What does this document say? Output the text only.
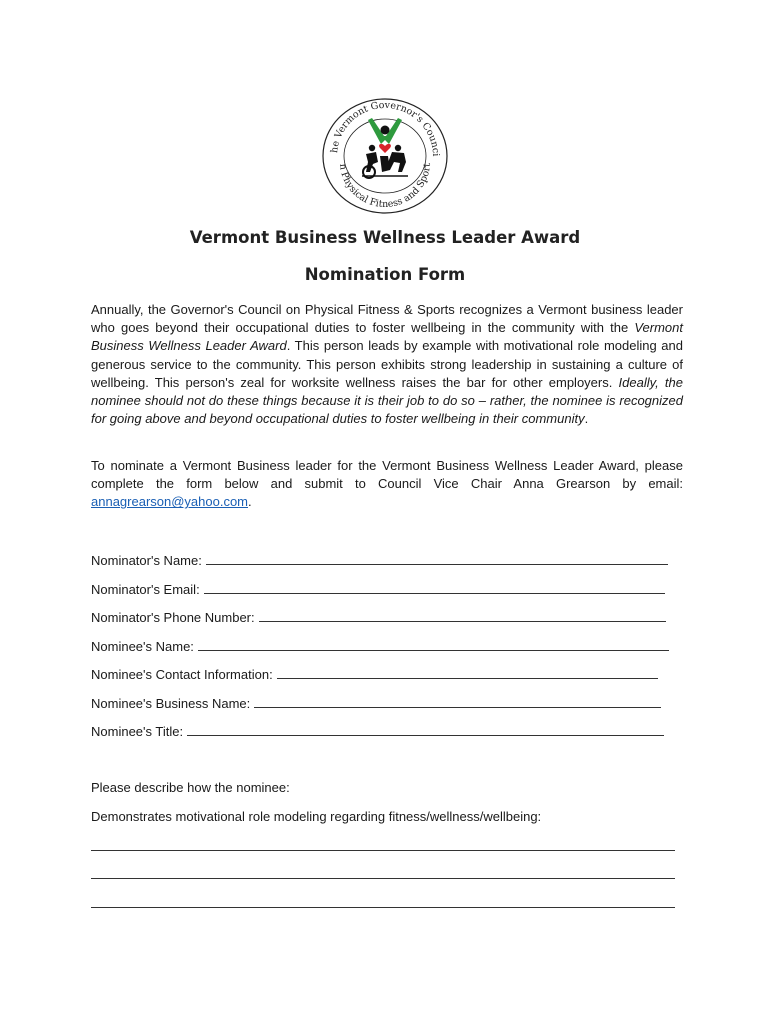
he Vermont Governor's Counci
n Physical Fitness and Sport
Vermont Business Wellness Leader Award
Nomination Form

Annually, the Governor's Council on Physical Fitness & Sports recognizes a Vermont business leader who goes beyond their occupational duties to foster wellbeing in the community with the Vermont Business Wellness Leader Award. This person leads by example with motivational role modeling and generous service to the community. This person exhibits strong leadership in sustaining a culture of wellbeing. This person's zeal for worksite wellness raises the bar for other employers. Ideally, the nominee should not do these things because it is their job to do so – rather, the nominee is recognized for going above and beyond occupational duties to foster wellbeing in their community.

To nominate a Vermont Business leader for the Vermont Business Wellness Leader Award, please complete the form below and submit to Council Vice Chair Anna Grearson by email: annagrearson@yahoo.com.

Nominator's Name:
Nominator's Email:
Nominator's Phone Number:
Nominee's Name:
Nominee's Contact Information:
Nominee's Business Name:
Nominee's Title:
Please describe how the nominee:
Demonstrates motivational role modeling regarding fitness/wellness/wellbeing:
